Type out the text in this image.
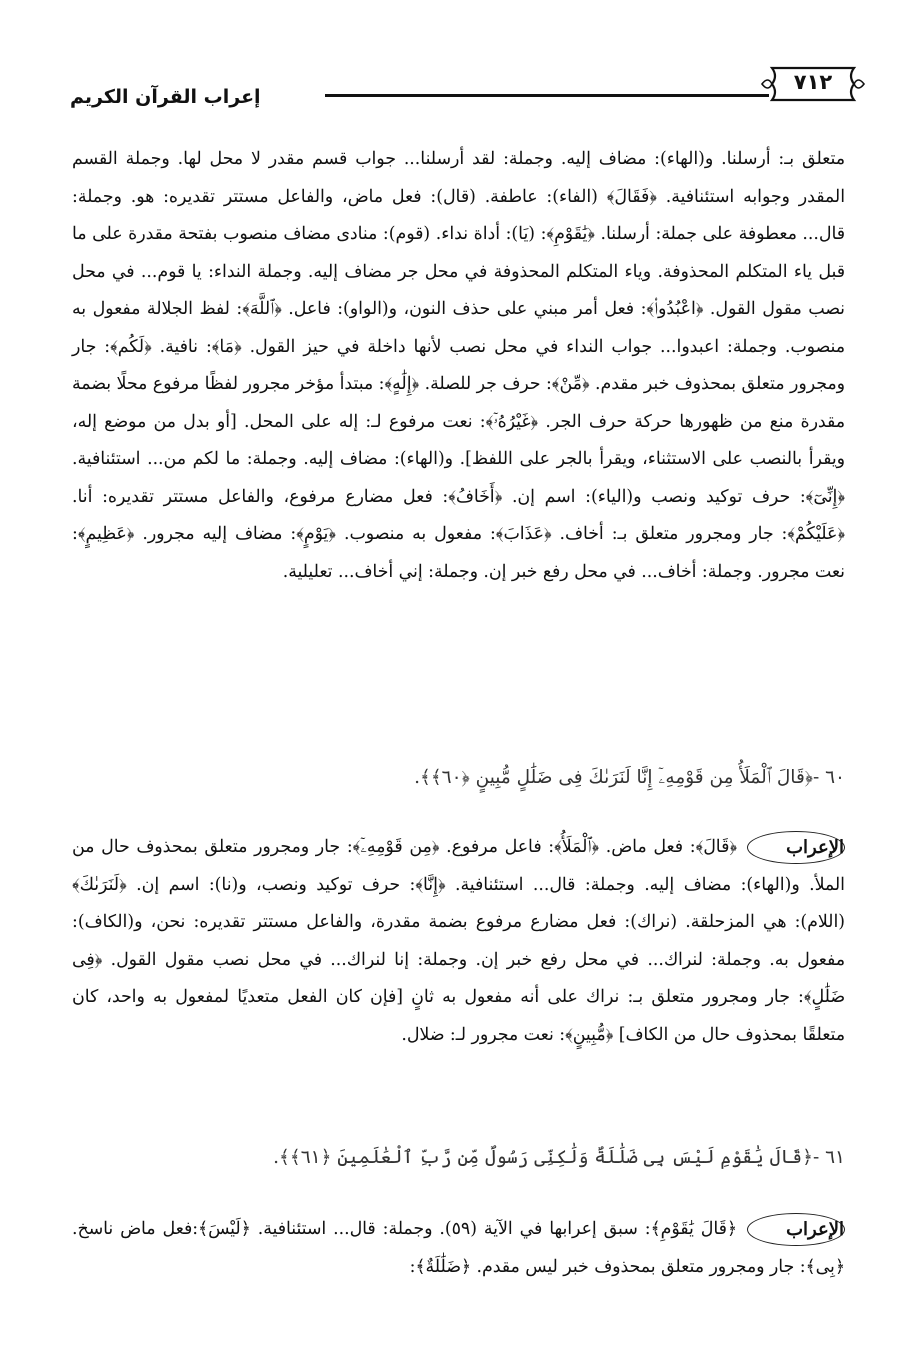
إعراب القرآن الكريم
٧١٢

متعلق بـ: أرسلنا. و(الهاء): مضاف إليه. وجملة: لقد أرسلنا... جواب قسم مقدر لا محل لها. وجملة القسم المقدر وجوابه استئنافية. ﴿فَقَالَ﴾ (الفاء): عاطفة. (قال): فعل ماض، والفاعل مستتر تقديره: هو. وجملة: قال... معطوفة على جملة: أرسلنا. ﴿يَٰقَوْمِ﴾: (يَا): أداة نداء. (قوم): منادى مضاف منصوب بفتحة مقدرة على ما قبل ياء المتكلم المحذوفة. وياء المتكلم المحذوفة في محل جر مضاف إليه. وجملة النداء: يا قوم... في محل نصب مقول القول. ﴿اعْبُدُوا۟﴾: فعل أمر مبني على حذف النون، و(الواو): فاعل. ﴿ٱللَّهَ﴾: لفظ الجلالة مفعول به منصوب. وجملة: اعبدوا... جواب النداء في محل نصب لأنها داخلة في حيز القول. ﴿مَا﴾: نافية. ﴿لَكُم﴾: جار ومجرور متعلق بمحذوف خبر مقدم. ﴿مِّنْ﴾: حرف جر للصلة. ﴿إِلَٰهٍ﴾: مبتدأ مؤخر مجرور لفظًا مرفوع محلًا بضمة مقدرة منع من ظهورها حركة حرف الجر. ﴿غَيْرُهُۥٓ﴾: نعت مرفوع لـ: إله على المحل. [أو بدل من موضع إله، ويقرأ بالنصب على الاستثناء، ويقرأ بالجر على اللفظ]. و(الهاء): مضاف إليه. وجملة: ما لكم من... استئنافية. ﴿إِنِّىٓ﴾: حرف توكيد ونصب و(الياء): اسم إن. ﴿أَخَافُ﴾: فعل مضارع مرفوع، والفاعل مستتر تقديره: أنا. ﴿عَلَيْكُمْ﴾: جار ومجرور متعلق بـ: أخاف. ﴿عَذَابَ﴾: مفعول به منصوب. ﴿يَوْمٍ﴾: مضاف إليه مجرور. ﴿عَظِيمٍ﴾: نعت مجرور. وجملة: أخاف... في محل رفع خبر إن. وجملة: إني أخاف... تعليلية.

٦٠ -﴿قَالَ ٱلْمَلَأُ مِن قَوْمِهِۦٓ إِنَّا لَنَرَىٰكَ فِى ضَلَٰلٍ مُّبِينٍ ﴿٦٠﴾﴾.
الإعراب
﴿قَالَ﴾: فعل ماض. ﴿ٱلْمَلَأُ﴾: فاعل مرفوع. ﴿مِن قَوْمِهِۦٓ﴾: جار ومجرور متعلق بمحذوف حال من الملأ. و(الهاء): مضاف إليه. وجملة: قال... استئنافية. ﴿إِنَّا﴾: حرف توكيد ونصب، و(نا): اسم إن. ﴿لَنَرَىٰكَ﴾ (اللام): هي المزحلقة. (نراك): فعل مضارع مرفوع بضمة مقدرة، والفاعل مستتر تقديره: نحن، و(الكاف): مفعول به. وجملة: لنراك... في محل رفع خبر إن. وجملة: إنا لنراك... في محل نصب مقول القول. ﴿فِى ضَلَٰلٍ﴾: جار ومجرور متعلق بـ: نراك على أنه مفعول به ثانٍ [فإن كان الفعل متعديًا لمفعول به واحد، كان متعلقًا بمحذوف حال من الكاف] ﴿مُّبِينٍ﴾: نعت مجرور لـ: ضلال.
٦١ -﴿قَالَ يَٰقَوْمِ لَيْسَ بِى ضَلَٰلَةٌ وَلَٰكِنِّى رَسُولٌ مِّن رَّبِّ ٱلْعَٰلَمِينَ ﴿٦١﴾﴾.
الإعراب
﴿قَالَ يَٰقَوْمِ﴾: سبق إعرابها في الآية (٥٩). وجملة: قال... استئنافية. ﴿لَيْسَ﴾:فعل ماض ناسخ. ﴿بِى﴾: جار ومجرور متعلق بمحذوف خبر ليس مقدم. ﴿ضَلَٰلَةٌ﴾:
